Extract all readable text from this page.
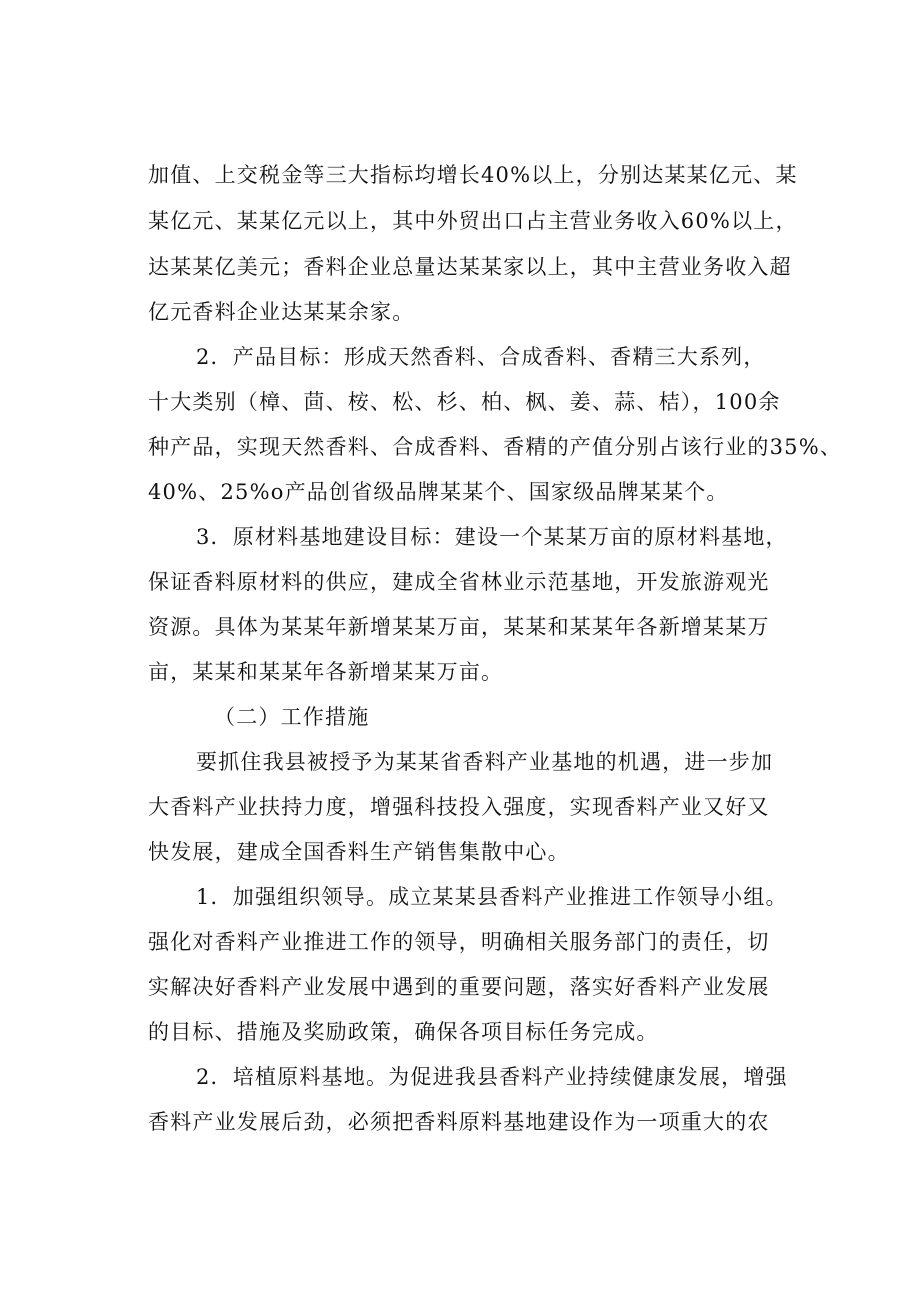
加值、上交税金等三大指标均增长40%以上，分别达某某亿元、某
某亿元、某某亿元以上，其中外贸出口占主营业务收入60%以上，
达某某亿美元；香料企业总量达某某家以上，其中主营业务收入超
亿元香料企业达某某余家。
2．产品目标：形成天然香料、合成香料、香精三大系列，
十大类别（樟、茴、桉、松、杉、柏、枫、姜、蒜、桔），100余
种产品，实现天然香料、合成香料、香精的产值分别占该行业的35%、
40%、25%o产品创省级品牌某某个、国家级品牌某某个。
3．原材料基地建设目标：建设一个某某万亩的原材料基地，
保证香料原材料的供应，建成全省林业示范基地，开发旅游观光
资源。具体为某某年新增某某万亩，某某和某某年各新增某某万
亩，某某和某某年各新增某某万亩。
（二）工作措施
要抓住我县被授予为某某省香料产业基地的机遇，进一步加
大香料产业扶持力度，增强科技投入强度，实现香料产业又好又
快发展，建成全国香料生产销售集散中心。
1．加强组织领导。成立某某县香料产业推进工作领导小组。
强化对香料产业推进工作的领导，明确相关服务部门的责任，切
实解决好香料产业发展中遇到的重要问题，落实好香料产业发展
的目标、措施及奖励政策，确保各项目标任务完成。
2．培植原料基地。为促进我县香料产业持续健康发展，增强
香料产业发展后劲，必须把香料原料基地建设作为一项重大的农
